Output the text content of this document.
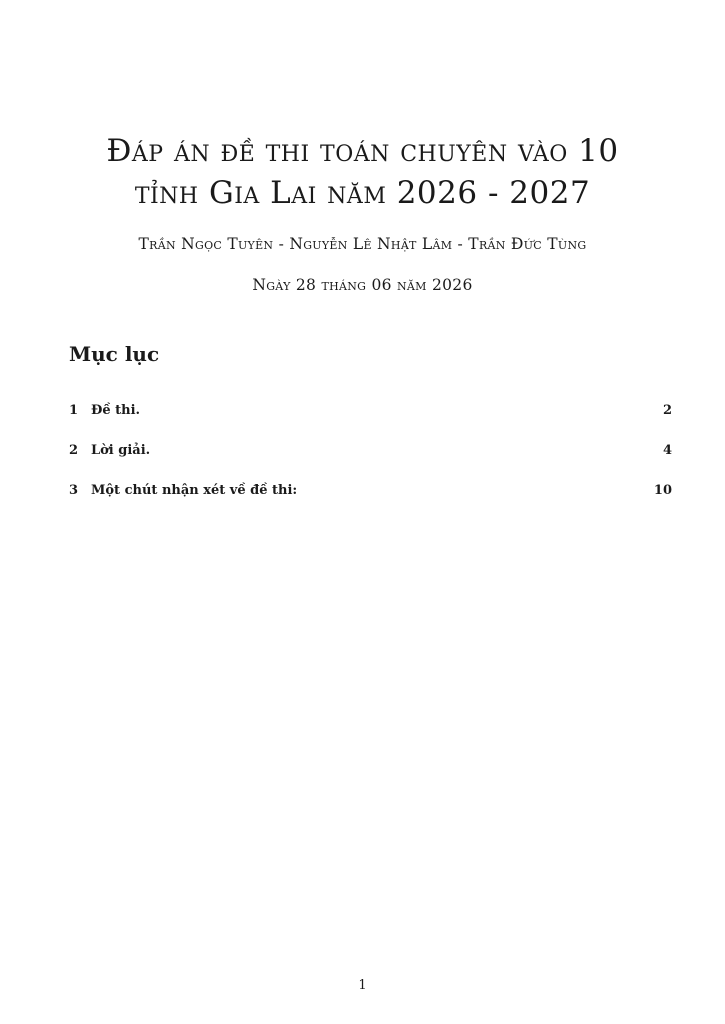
Đáp án đề thi toán chuyên vào 10
tỉnh Gia Lai năm 2026 - 2027
Trần Ngọc Tuyên - Nguyễn Lê Nhật Lâm - Trần Đức Tùng
Ngày 28 tháng 06 năm 2026
Mục lục
1 Đề thi.	2
2 Lời giải.	4
3 Một chút nhận xét về đề thi:	10
1
